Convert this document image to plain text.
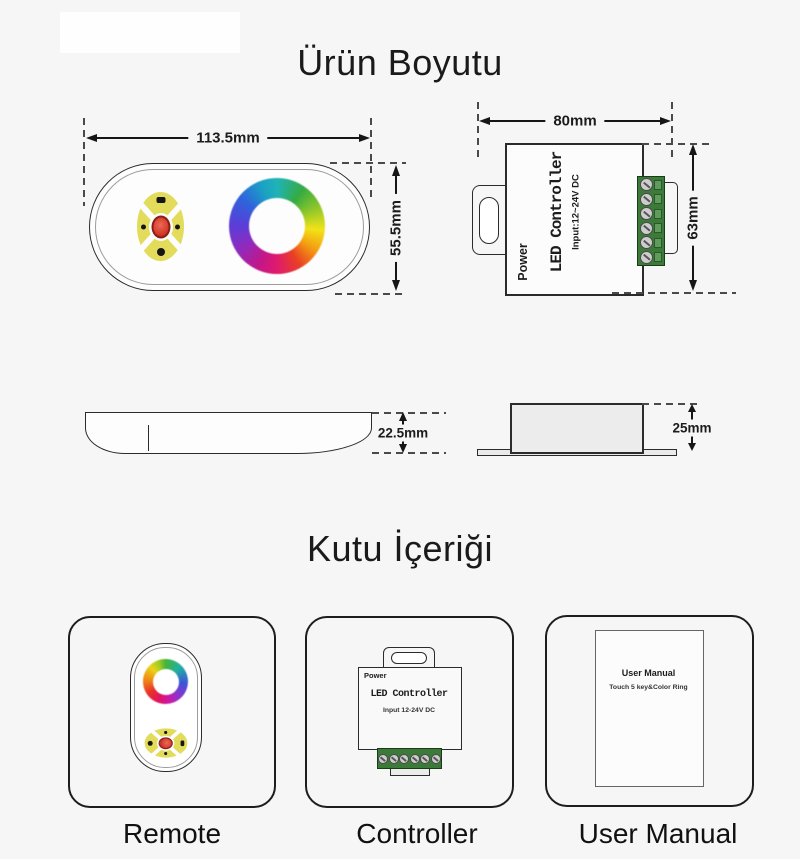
Ürün Boyutu
113.5mm
55.5mm
80mm
Power LED Controller Input:12~24V DC	63mm
22.5mm	25mm
Kutu İçeriği
Remote
Power
LED Controller
Input 12-24V DC
Controller
User Manual
Touch 5 key&Color Ring
User Manual
